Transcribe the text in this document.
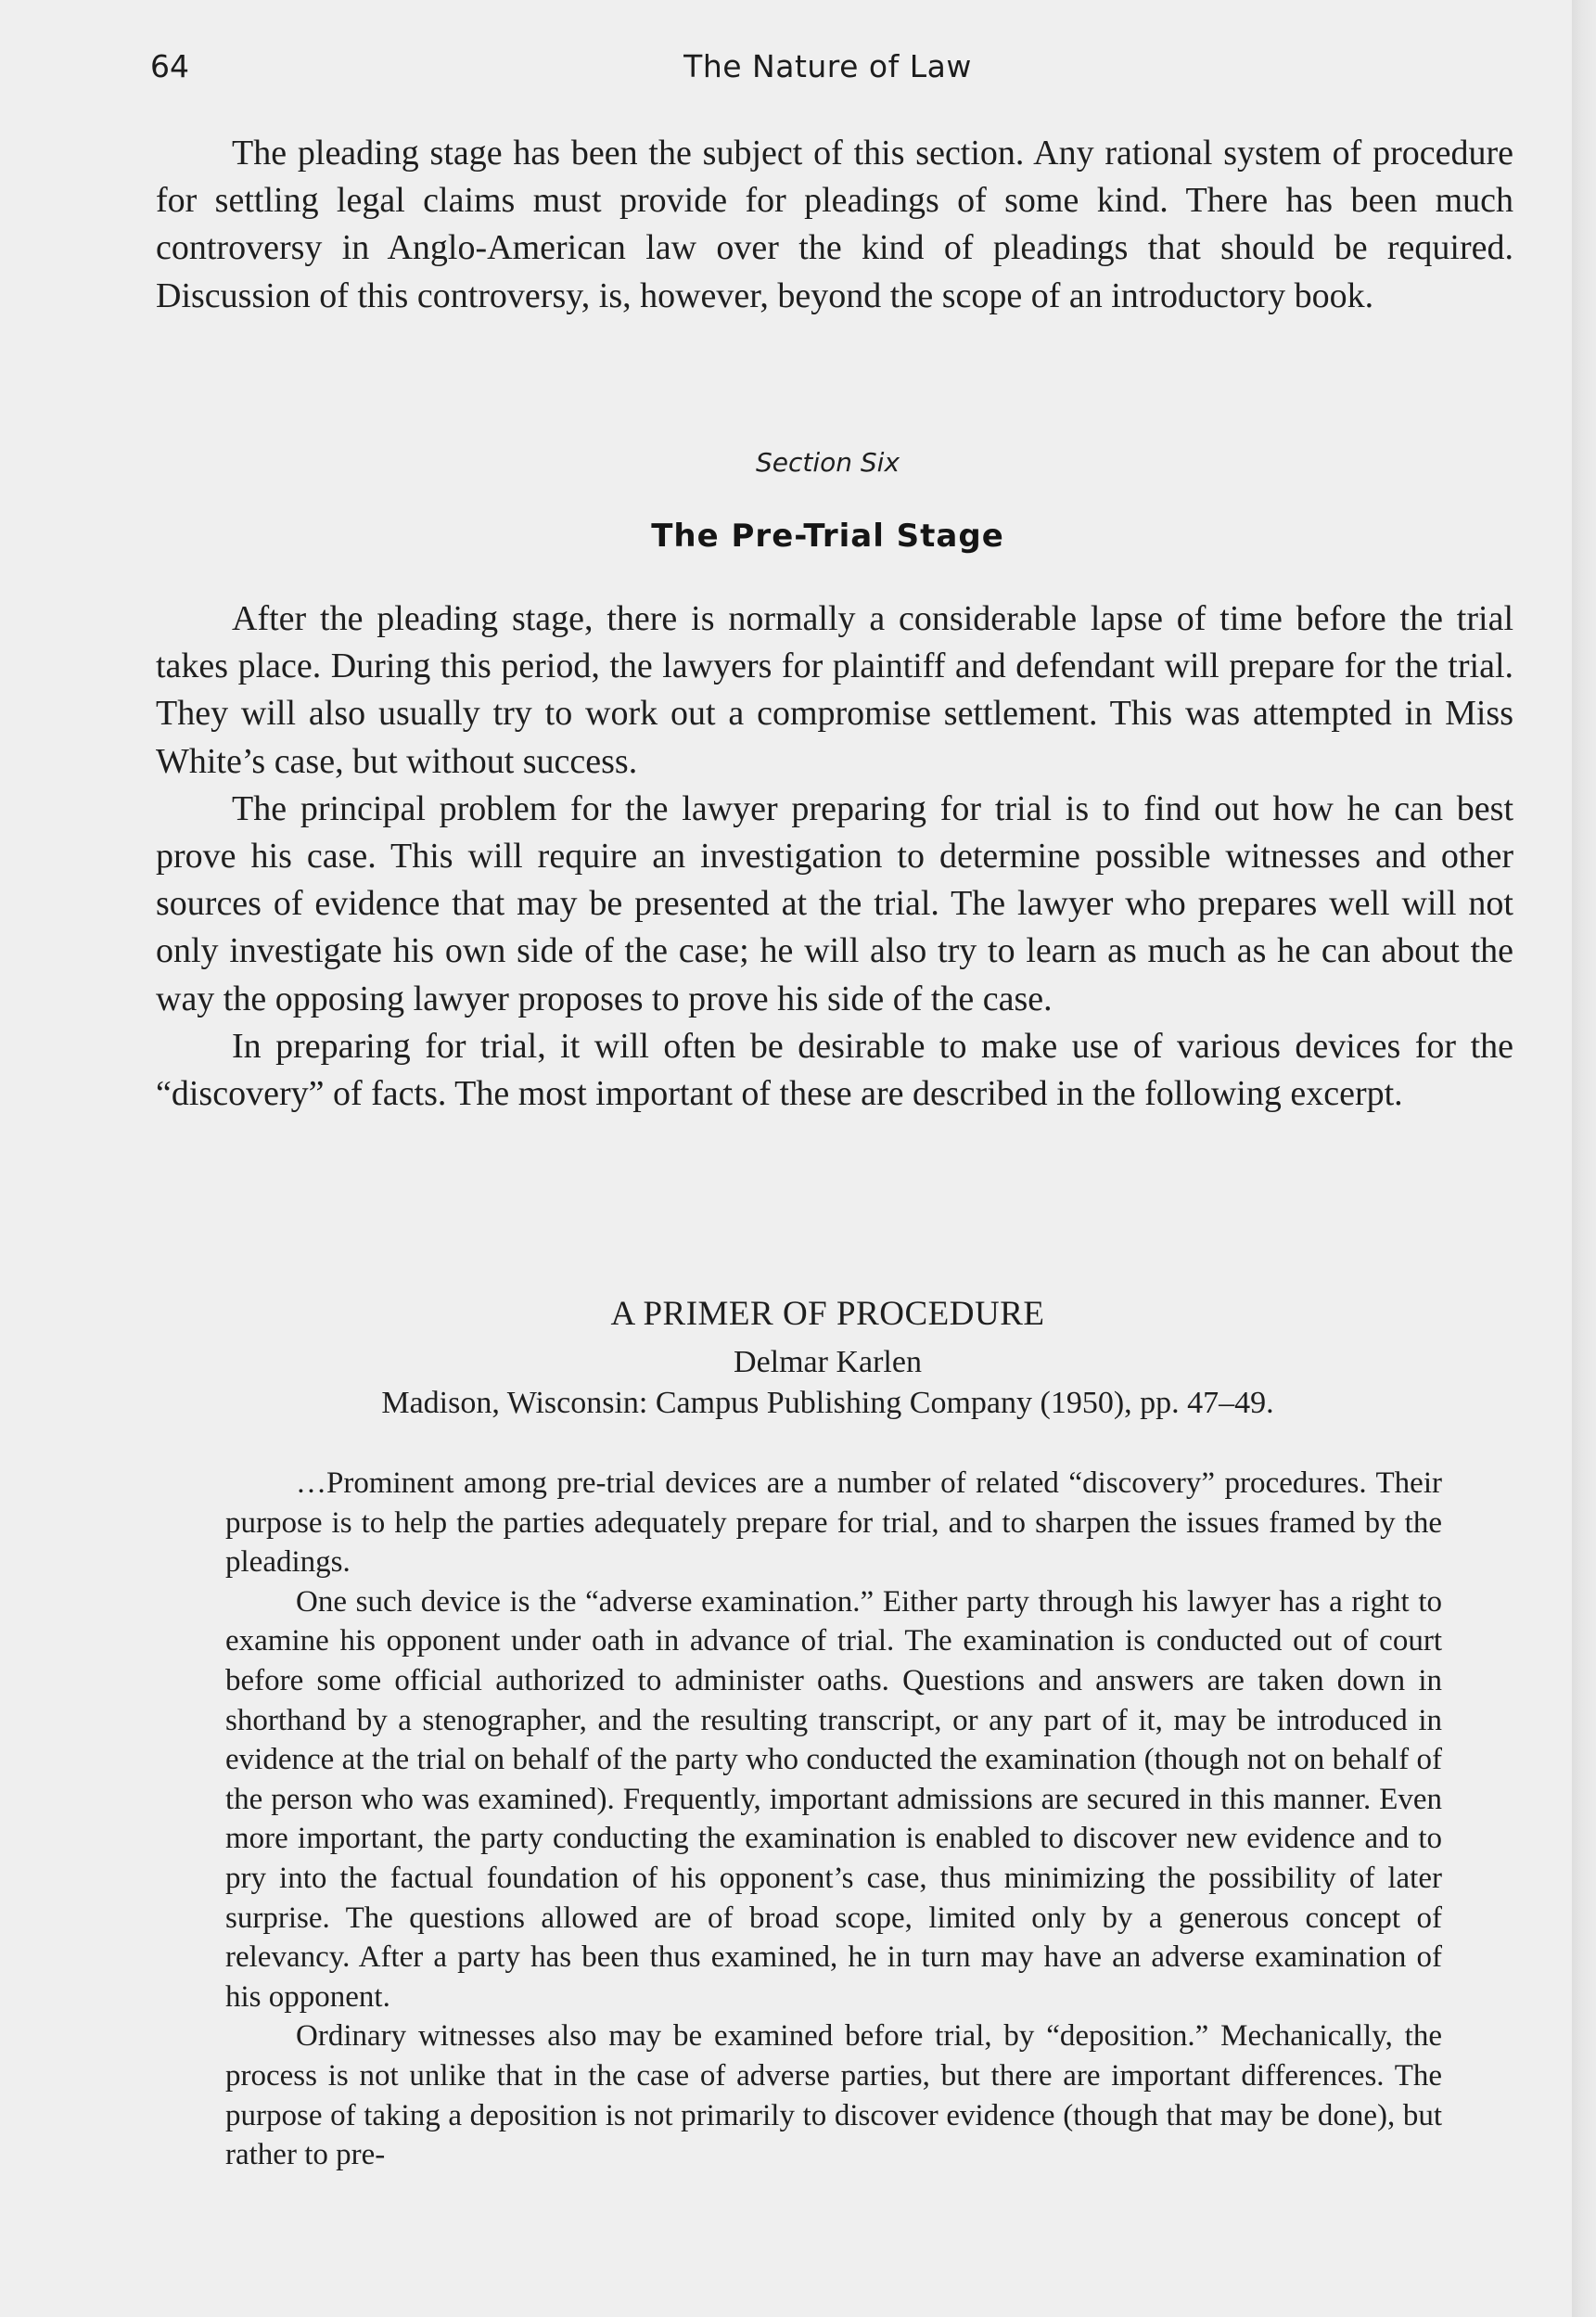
64	The Nature of Law

The pleading stage has been the subject of this section. Any rational system of procedure for settling legal claims must provide for pleadings of some kind. There has been much controversy in Anglo-American law over the kind of pleadings that should be required. Discussion of this controversy, is, however, beyond the scope of an introductory book.

Section Six
The Pre-Trial Stage

After the pleading stage, there is normally a considerable lapse of time before the trial takes place. During this period, the lawyers for plaintiff and defendant will prepare for the trial. They will also usually try to work out a compromise settlement. This was attempted in Miss White’s case, but without success.

The principal problem for the lawyer preparing for trial is to find out how he can best prove his case. This will require an investigation to determine possible witnesses and other sources of evidence that may be presented at the trial. The lawyer who prepares well will not only investigate his own side of the case; he will also try to learn as much as he can about the way the opposing lawyer proposes to prove his side of the case.

In preparing for trial, it will often be desirable to make use of various devices for the “discovery” of facts. The most important of these are described in the following excerpt.

A PRIMER OF PROCEDURE
Delmar Karlen
Madison, Wisconsin: Campus Publishing Company (1950), pp. 47–49.

…Prominent among pre-trial devices are a number of related “discovery” procedures. Their purpose is to help the parties adequately prepare for trial, and to sharpen the issues framed by the pleadings.

One such device is the “adverse examination.” Either party through his lawyer has a right to examine his opponent under oath in advance of trial. The examination is conducted out of court before some official authorized to administer oaths. Questions and answers are taken down in shorthand by a stenographer, and the resulting transcript, or any part of it, may be introduced in evidence at the trial on behalf of the party who conducted the examination (though not on behalf of the person who was examined). Frequently, important admissions are secured in this manner. Even more important, the party conducting the examination is enabled to discover new evidence and to pry into the factual foundation of his opponent’s case, thus minimizing the possibility of later surprise. The questions allowed are of broad scope, limited only by a generous concept of relevancy. After a party has been thus examined, he in turn may have an adverse examination of his opponent.

Ordinary witnesses also may be examined before trial, by “deposition.” Mechanically, the process is not unlike that in the case of adverse parties, but there are important differences. The purpose of taking a deposition is not primarily to discover evidence (though that may be done), but rather to pre-
